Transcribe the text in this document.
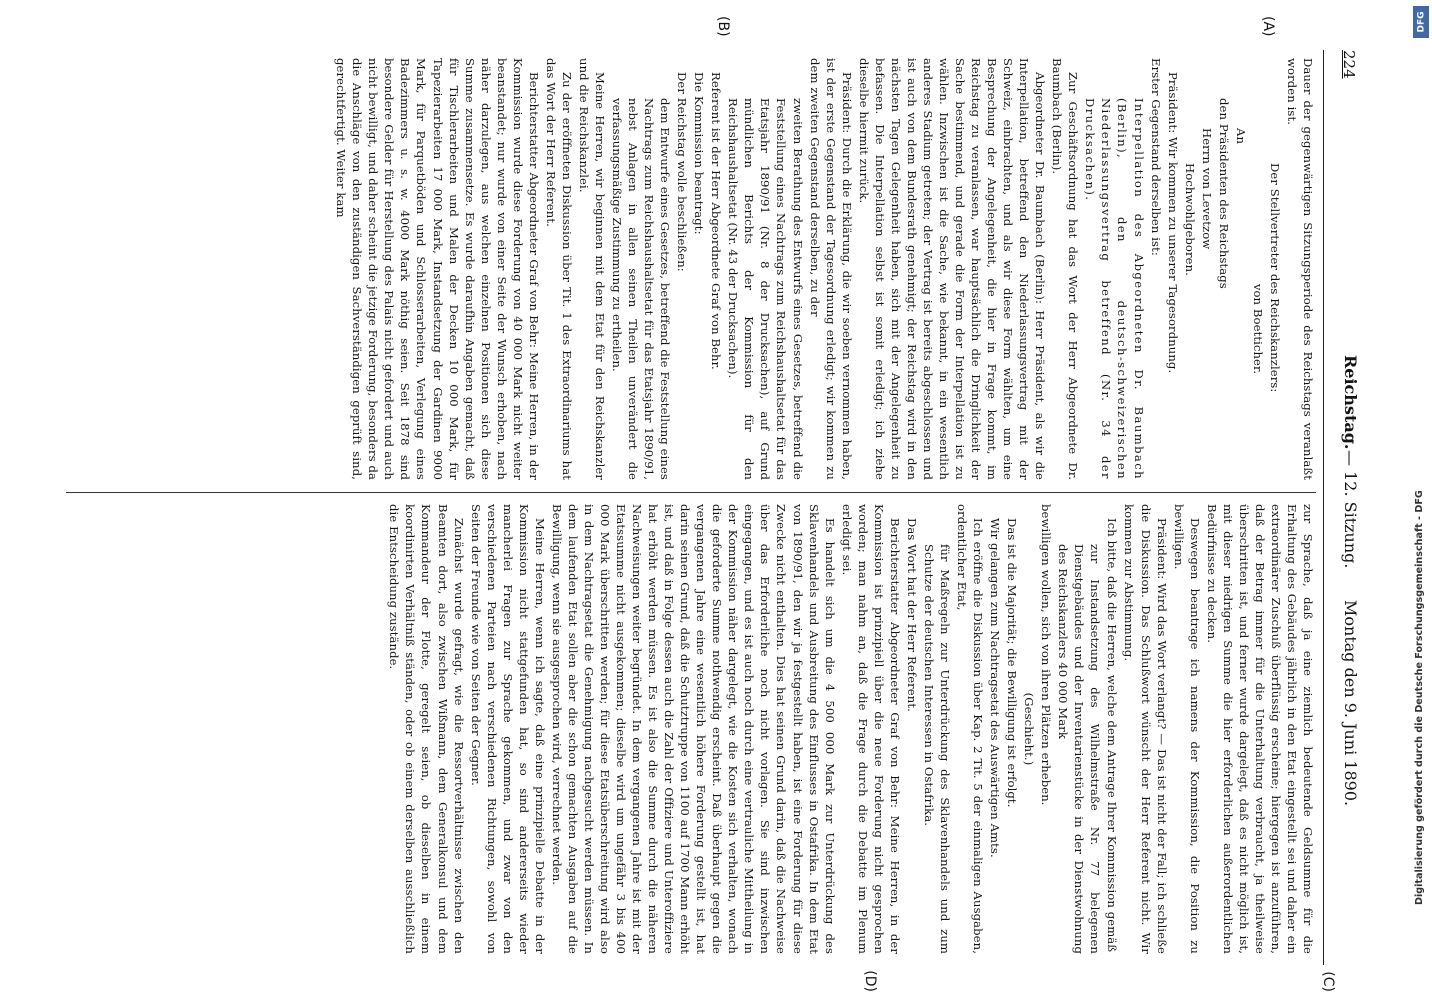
224
Reichstag.
— 12. Sitzung.
Montag den 9. Juni 1890.
(A)
(B)
(C)
(D)

Dauer der gegenwärtigen Sitzungsperiode des Reichstags veranlaßt worden ist.

Der Stellvertreter des Reichskanzlers:

von Boetticher.

An

den Präsidenten des Reichstags

Herrn von Levetzow

Hochwohlgeboren.

Präsident: Wir kommen zu unserer Tagesordnung.

Erster Gegenstand derselben ist:

Interpellation des Abgeordneten Dr. Baumbach (Berlin), den deutsch-schweizerischen Niederlassungsvertrag betreffend (Nr. 34 der Drucksachen).

Zur Geschäftsordnung hat das Wort der Herr Abgeordnete Dr. Baumbach (Berlin).

Abgeordneter Dr. Baumbach (Berlin): Herr Präsident, als wir die Interpellation, betreffend den Niederlassungsvertrag mit der Schweiz, einbrachten, und als wir diese Form wählten, um eine Besprechung der Angelegenheit, die hier in Frage kommt, im Reichstag zu veranlassen, war hauptsächlich die Dringlichkeit der Sache bestimmend, und gerade die Form der Interpellation ist zu wählen. Inzwischen ist die Sache, wie bekannt, in ein wesentlich anderes Stadium getreten; der Vertrag ist bereits abgeschlossen und ist auch von dem Bundesrath genehmigt; der Reichstag wird in den nächsten Tagen Gelegenheit haben, sich mit der Angelegenheit zu befassen. Die Interpellation selbst ist somit erledigt; ich ziehe dieselbe hiermit zurück.

Präsident: Durch die Erklärung, die wir soeben vernommen haben, ist der erste Gegenstand der Tagesordnung erledigt; wir kommen zu dem zweiten Gegenstand derselben, zu der

zweiten Berathung des Entwurfs eines Gesetzes, betreffend die Feststellung eines Nachtrags zum Reichshaushaltsetat für das Etatsjahr 1890/91 (Nr. 8 der Drucksachen), auf Grund mündlichen Berichts der Kommission für den Reichshaushaltsetat (Nr. 43 der Drucksachen).

Referent ist der Herr Abgeordnete Graf von Behr.

Die Kommission beantragt:

Der Reichstag wolle beschließen:

dem Entwurfe eines Gesetzes, betreffend die Feststellung eines Nachtrags zum Reichshaushaltsetat für das Etatsjahr 1890/91, nebst Anlagen in allen seinen Theilen unverändert die verfassungsmäßige Zustimmung zu ertheilen.

Meine Herren, wir beginnen mit dem Etat für den Reichskanzler und die Reichskanzlei.

Zu der eröffneten Diskussion über Tit. 1 des Extraordinariums hat das Wort der Herr Referent.

Berichterstatter Abgeordneter Graf von Behr: Meine Herren, in der Kommission wurde diese Forderung von 40 000 Mark nicht weiter beanstandet; nur wurde von einer Seite der Wunsch erhoben, nach näher darzulegen, aus welchen einzelnen Positionen sich diese Summe zusammensetze. Es wurde daraufhin Angaben gemacht, daß für Tischlerarbeiten und Malen der Decken 10 000 Mark, für Tapezierarbeiten 17 000 Mark, Instandsetzung der Gardinen 9000 Mark, für Parquetböden und Schlosserarbeiten, Verlegung eines Badezimmers u. s. w. 4000 Mark nöthig seien. Seit 1878 sind besondere Gelder für Herstellung des Palais nicht gefordert und auch nicht bewilligt, und daher scheint die jetzige Forderung, besonders da die Anschläge von den zuständigen Sachverständigen geprüft sind, gerechtfertigt. Weiter kam

zur Sprache, daß ja eine ziemlich bedeutende Geldsumme für die Erhaltung des Gebäudes jährlich in den Etat eingestellt sei und daher ein extraordinärer Zuschuß überflüssig erscheine; hiergegen ist anzuführen, daß der Betrag immer für die Unterhaltung verbraucht, ja theilweise überschritten ist, und ferner wurde dargelegt, daß es nicht möglich ist, mit dieser niedrigen Summe die hier erforderlichen außerordentlichen Bedürfnisse zu decken.

Deswegen beantrage ich namens der Kommission, die Position zu bewilligen.

Präsident: Wird das Wort verlangt? — Das ist nicht der Fall; ich schließe die Diskussion. Das Schlußwort wünscht der Herr Referent nicht. Wir kommen zur Abstimmung.

Ich bitte, daß die Herren, welche dem Antrage Ihrer Kommission gemäß

zur Instandsetzung des Wilhelmstraße Nr. 77 belegenen Dienstgebäudes und der Inventarienstücke in der Dienstwohnung des Reichskanzlers 40 000 Mark

bewilligen wollen, sich von ihren Plätzen erheben.

(Geschieht.)

Das ist die Majorität; die Bewilligung ist erfolgt.

Wir gelangen zum Nachtragsetat des Auswärtigen Amts.

Ich eröffne die Diskussion über Kap. 2 Tit. 5 der einmaligen Ausgaben, ordentlicher Etat,

für Maßregeln zur Unterdrückung des Sklavenhandels und zum Schutze der deutschen Interessen in Ostafrika.

Das Wort hat der Herr Referent.

Berichterstatter Abgeordneter Graf von Behr: Meine Herren, in der Kommission ist prinzipiell über die neue Forderung nicht gesprochen worden; man nahm an, daß die Frage durch die Debatte im Plenum erledigt sei.

Es handelt sich um die 4 500 000 Mark zur Unterdrückung des Sklavenhandels und Ausbreitung des Einflusses in Ostafrika. In dem Etat von 1890/91, den wir ja festgestellt haben, ist eine Forderung für diese Zwecke nicht enthalten. Dies hat seinen Grund darin, daß die Nachweise über das Erforderliche noch nicht vorlagen. Sie sind inzwischen eingegangen, und es ist auch noch durch eine vertrauliche Mittheilung in der Kommission näher dargelegt, wie die Kosten sich verhalten, wonach die geforderte Summe nothwendig erscheint. Daß überhaupt gegen die vergangenen Jahre eine wesentlich höhere Forderung gestellt ist, hat darin seinen Grund, daß die Schutztruppe von 1100 auf 1700 Mann erhöht ist, und daß in Folge dessen auch die Zahl der Offiziere und Unteroffiziere hat erhöht werden müssen. Es ist also die Summe durch die näheren Nachweisungen weiter begründet. In dem vergangenen Jahre ist mit der Etatssumme nicht ausgekommen; dieselbe wird um ungefähr 3 bis 400 000 Mark überschritten werden; für diese Etatsüberschreitung wird also in dem Nachtragsetat die Genehmigung nachgesucht werden müssen. In dem laufenden Etat sollen aber die schon gemachten Ausgaben auf die Bewilligung, wenn sie ausgesprochen wird, verrechnet werden.

Meine Herren, wenn ich sagte, daß eine prinzipielle Debatte in der Kommission nicht stattgefunden hat, so sind andererseits wieder mancherlei Fragen zur Sprache gekommen, und zwar von den verschiedenen Parteien nach verschiedenen Richtungen, sowohl von Seiten der Freunde wie von Seiten der Gegner.

Zunächst wurde gefragt, wie die Ressortverhältnisse zwischen den Beamten dort, also zwischen Wißmann, dem Generalkonsul und dem Kommandeur der Flotte, geregelt seien, ob dieselben in einem koordinirten Verhältniß ständen, oder ob einem derselben ausschließlich die Entscheidung zustände.	Digitalisierung gefördert durch die Deutsche Forschungsgemeinschaft - DFG
DFG
